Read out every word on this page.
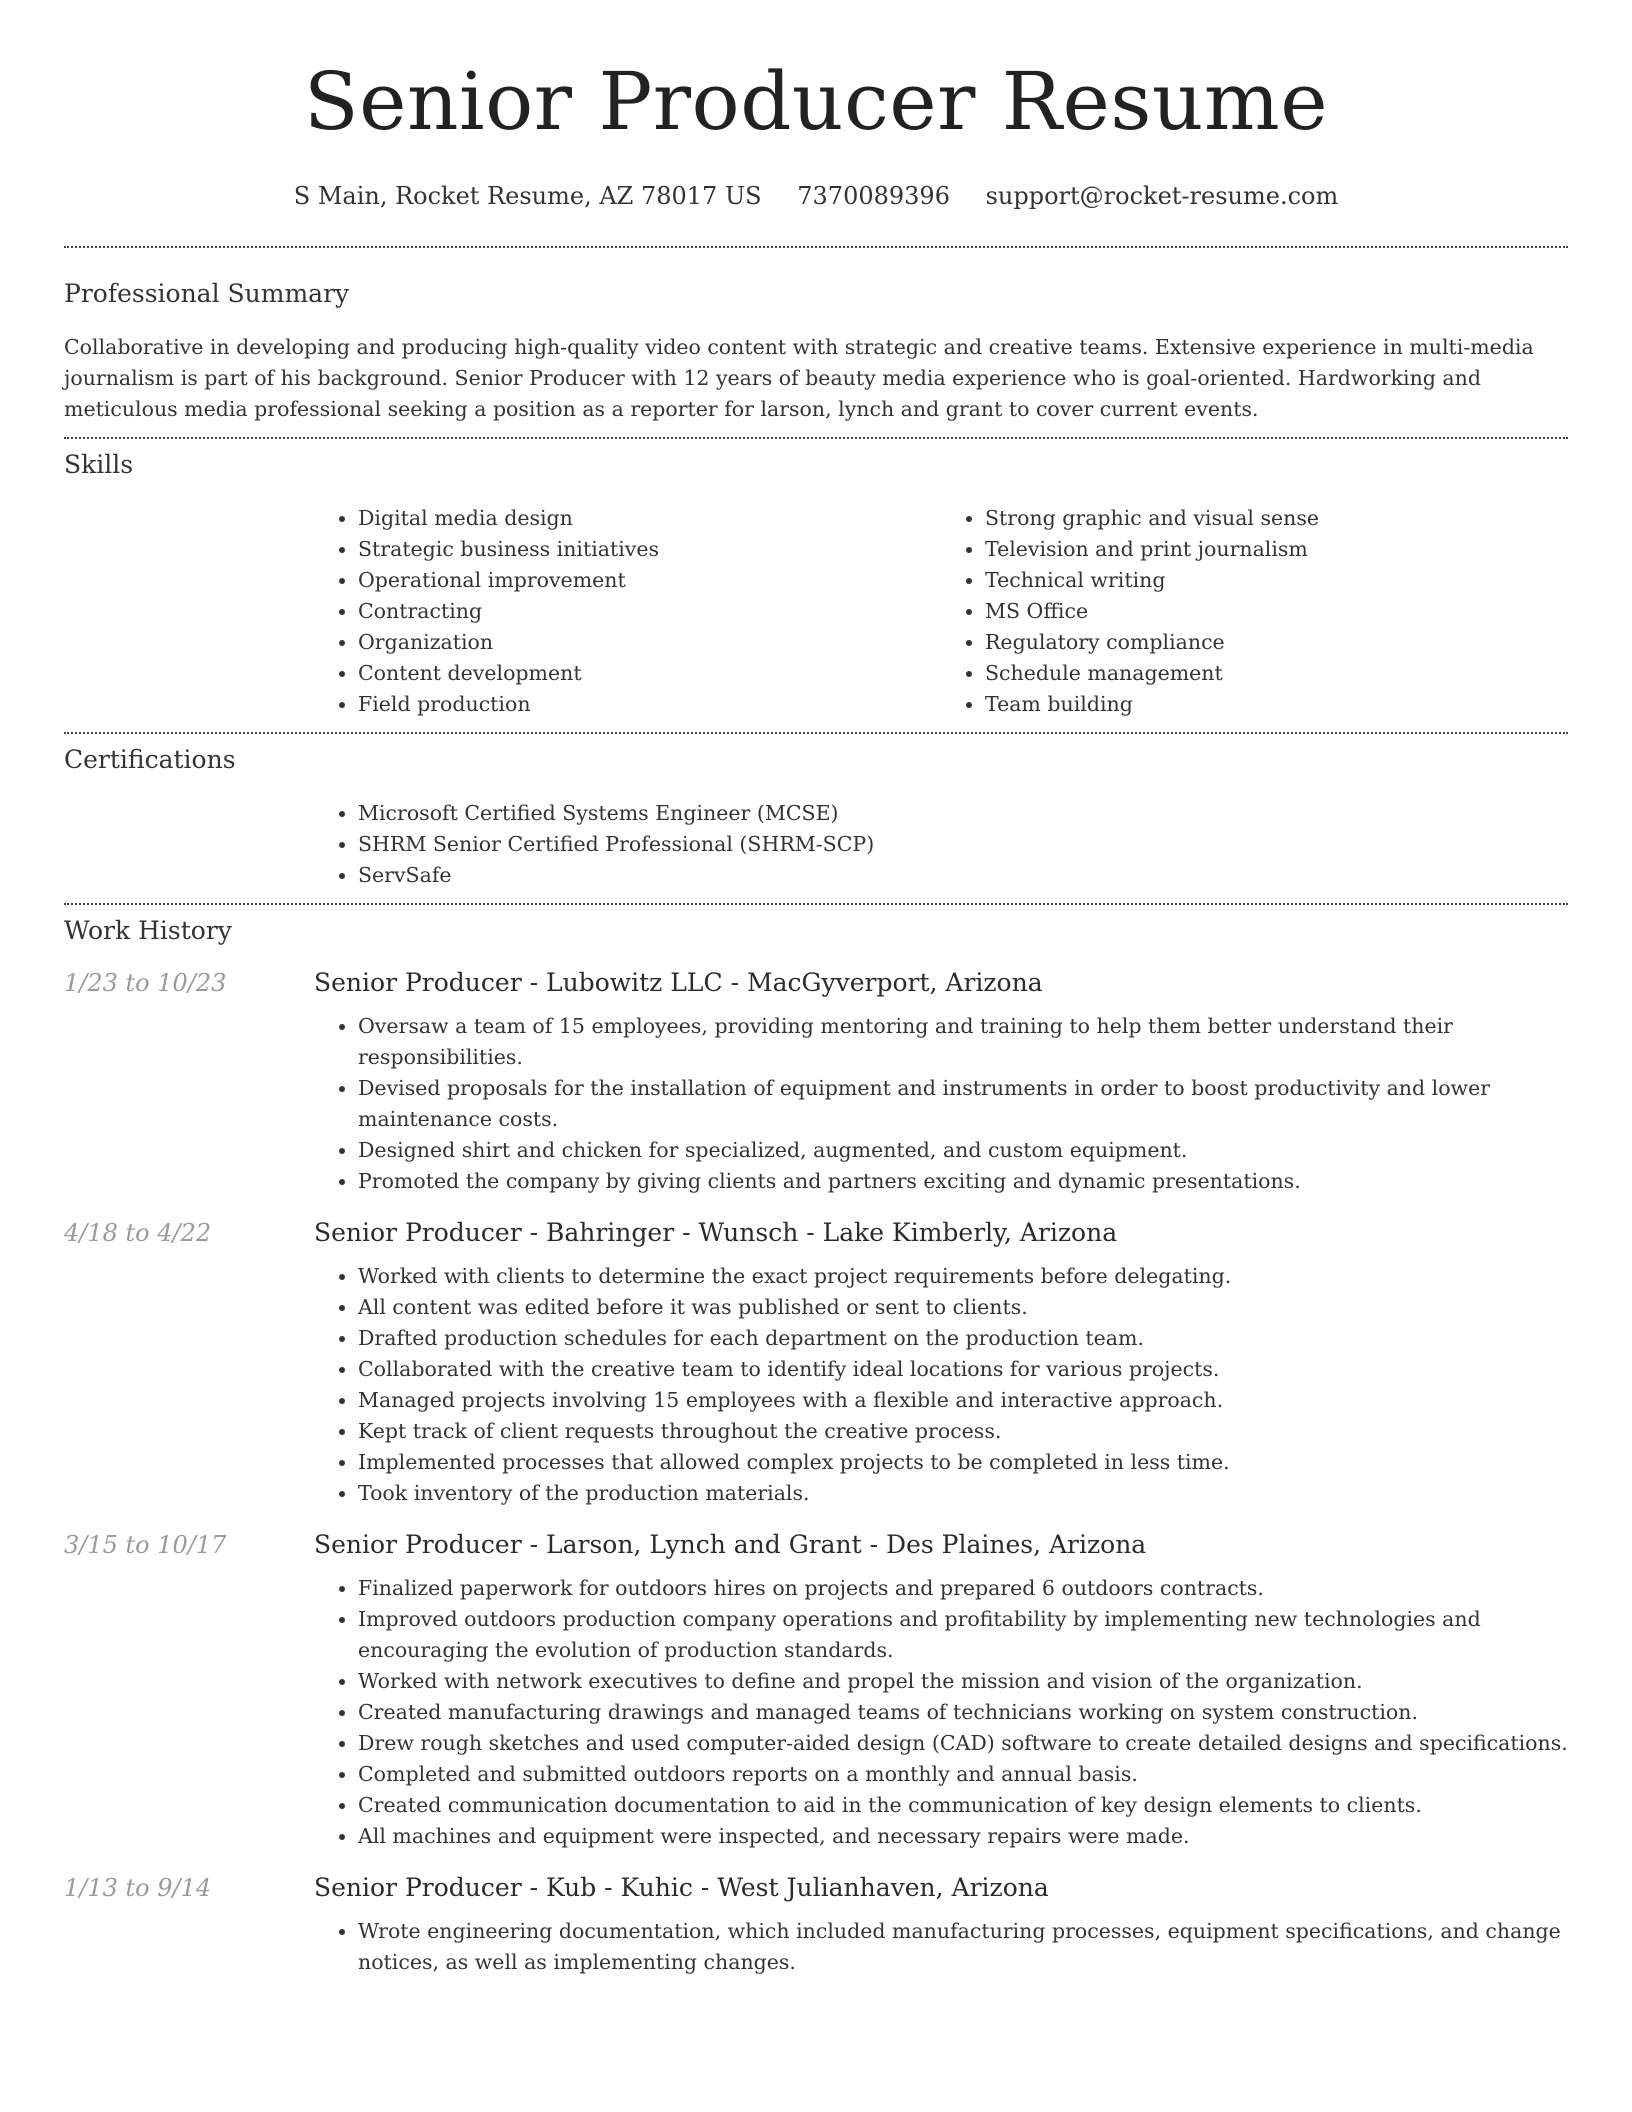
Senior Producer Resume
S Main, Rocket Resume, AZ 78017 US 7370089396 support@rocket-resume.com
Professional Summary

Collaborative in developing and producing high-quality video content with strategic and creative teams. Extensive experience in multi-media journalism is part of his background. Senior Producer with 12 years of beauty media experience who is goal-oriented. Hardworking and meticulous media professional seeking a position as a reporter for larson, lynch and grant to cover current events.

Skills
• Digital media design
• Strategic business initiatives
• Operational improvement
• Contracting
• Organization
• Content development
• Field production
• Strong graphic and visual sense
• Television and print journalism
• Technical writing
• MS Office
• Regulatory compliance
• Schedule management
• Team building
Certifications
• Microsoft Certified Systems Engineer (MCSE)
• SHRM Senior Certified Professional (SHRM-SCP)
• ServSafe
Work History
1/23 to 10/23	Senior Producer - Lubowitz LLC - MacGyverport, Arizona
• Oversaw a team of 15 employees, providing mentoring and training to help them better understand their responsibilities.
• Devised proposals for the installation of equipment and instruments in order to boost productivity and lower maintenance costs.
• Designed shirt and chicken for specialized, augmented, and custom equipment.
• Promoted the company by giving clients and partners exciting and dynamic presentations.
4/18 to 4/22	Senior Producer - Bahringer - Wunsch - Lake Kimberly, Arizona
• Worked with clients to determine the exact project requirements before delegating.
• All content was edited before it was published or sent to clients.
• Drafted production schedules for each department on the production team.
• Collaborated with the creative team to identify ideal locations for various projects.
• Managed projects involving 15 employees with a flexible and interactive approach.
• Kept track of client requests throughout the creative process.
• Implemented processes that allowed complex projects to be completed in less time.
• Took inventory of the production materials.
3/15 to 10/17	Senior Producer - Larson, Lynch and Grant - Des Plaines, Arizona
• Finalized paperwork for outdoors hires on projects and prepared 6 outdoors contracts.
• Improved outdoors production company operations and profitability by implementing new technologies and encouraging the evolution of production standards.
• Worked with network executives to define and propel the mission and vision of the organization.
• Created manufacturing drawings and managed teams of technicians working on system construction.
• Drew rough sketches and used computer-aided design (CAD) software to create detailed designs and specifications.
• Completed and submitted outdoors reports on a monthly and annual basis.
• Created communication documentation to aid in the communication of key design elements to clients.
• All machines and equipment were inspected, and necessary repairs were made.
1/13 to 9/14	Senior Producer - Kub - Kuhic - West Julianhaven, Arizona
• Wrote engineering documentation, which included manufacturing processes, equipment specifications, and change notices, as well as implementing changes.
